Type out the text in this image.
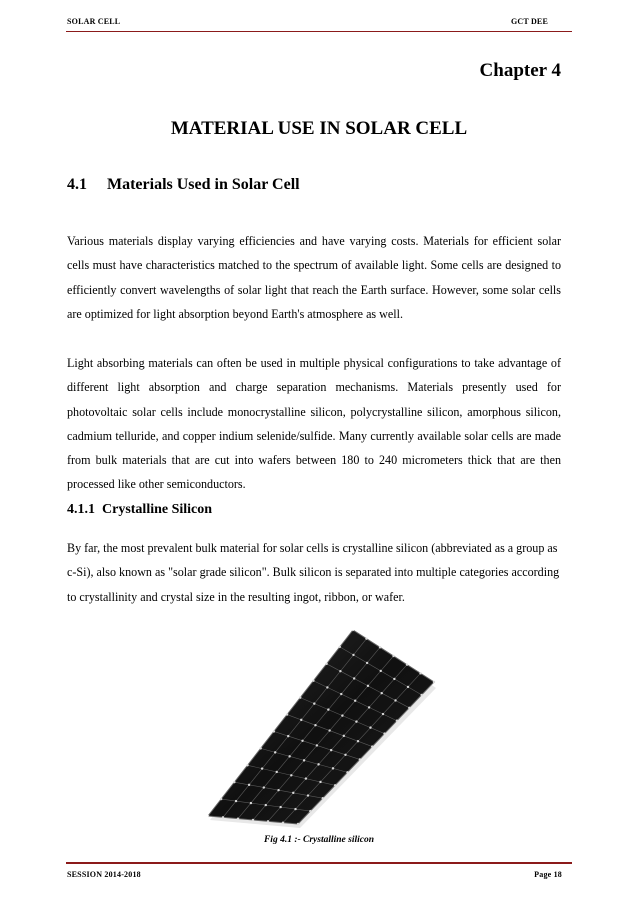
SOLAR CELL	GCT DEE
Chapter 4
MATERIAL USE IN SOLAR CELL
4.1 Materials Used in Solar Cell
Various materials display varying efficiencies and have varying costs. Materials for efficient solar cells must have characteristics matched to the spectrum of available light. Some cells are designed to efficiently convert wavelengths of solar light that reach the Earth surface. However, some solar cells are optimized for light absorption beyond Earth's atmosphere as well.
Light absorbing materials can often be used in multiple physical configurations to take advantage of different light absorption and charge separation mechanisms. Materials presently used for photovoltaic solar cells include monocrystalline silicon, polycrystalline silicon, amorphous silicon, cadmium telluride, and copper indium selenide/sulfide. Many currently available solar cells are made from bulk materials that are cut into wafers between 180 to 240 micrometers thick that are then processed like other semiconductors.
4.1.1  Crystalline Silicon
By far, the most prevalent bulk material for solar cells is crystalline silicon (abbreviated as a group as c-Si), also known as "solar grade silicon". Bulk silicon is separated into multiple categories according to crystallinity and crystal size in the resulting ingot, ribbon, or wafer.
Fig 4.1 :- Crystalline silicon
SESSION 2014-2018	Page 18
